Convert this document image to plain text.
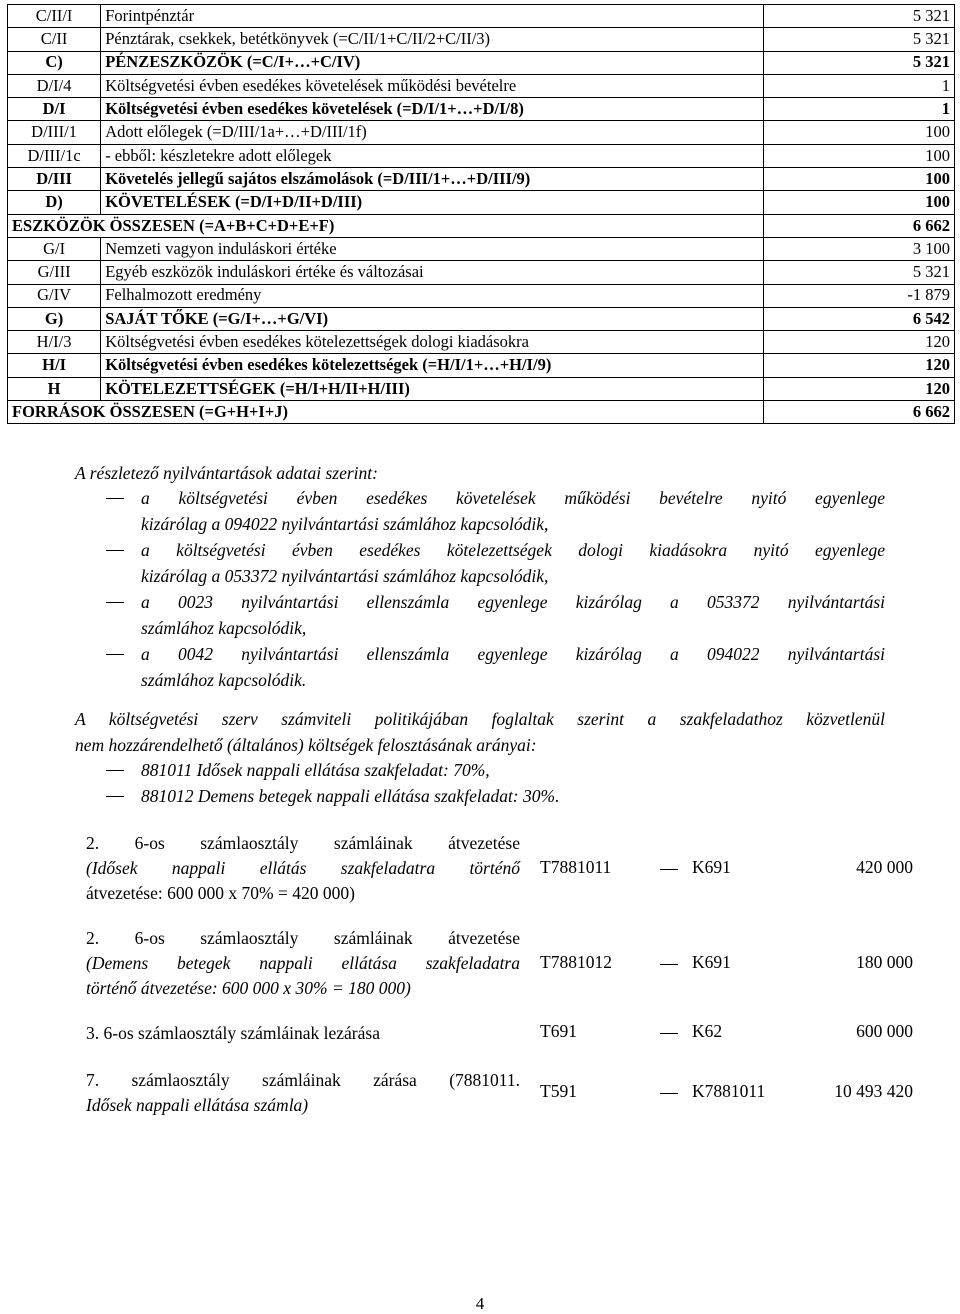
C/II/I	Forintpénztár	5 321
C/II	Pénztárak, csekkek, betétkönyvek (=C/II/1+C/II/2+C/II/3)	5 321
C)	PÉNZESZKÖZÖK (=C/I+…+C/IV)	5 321
D/I/4	Költségvetési évben esedékes követelések működési bevételre	1
D/I	Költségvetési évben esedékes követelések (=D/I/1+…+D/I/8)	1
D/III/1	Adott előlegek (=D/III/1a+…+D/III/1f)	100
D/III/1c	- ebből: készletekre adott előlegek	100
D/III	Követelés jellegű sajátos elszámolások (=D/III/1+…+D/III/9)	100
D)	KÖVETELÉSEK (=D/I+D/II+D/III)	100
ESZKÖZÖK ÖSSZESEN (=A+B+C+D+E+F)		6 662
G/I	Nemzeti vagyon induláskori értéke	3 100
G/III	Egyéb eszközök induláskori értéke és változásai	5 321
G/IV	Felhalmozott eredmény	-1 879
G)	SAJÁT TŐKE (=G/I+…+G/VI)	6 542
H/I/3	Költségvetési évben esedékes kötelezettségek dologi kiadásokra	120
H/I	Költségvetési évben esedékes kötelezettségek (=H/I/1+…+H/I/9)	120
H	KÖTELEZETTSÉGEK (=H/I+H/II+H/III)	120
FORRÁSOK ÖSSZESEN (=G+H+I+J)		6 662
A részletező nyilvántartások adatai szerint:
a költségvetési évben esedékes követelések működési bevételre nyitó egyenlege
kizárólag a 094022 nyilvántartási számlához kapcsolódik,
a költségvetési évben esedékes kötelezettségek dologi kiadásokra nyitó egyenlege
kizárólag a 053372 nyilvántartási számlához kapcsolódik,
a 0023 nyilvántartási ellenszámla egyenlege kizárólag a 053372 nyilvántartási
számlához kapcsolódik,
a 0042 nyilvántartási ellenszámla egyenlege kizárólag a 094022 nyilvántartási
számlához kapcsolódik.
A költségvetési szerv számviteli politikájában foglaltak szerint a szakfeladathoz közvetlenül
nem hozzárendelhető (általános) költségek felosztásának arányai:
881011 Idősek nappali ellátása szakfeladat: 70%,
881012 Demens betegek nappali ellátása szakfeladat: 30%.
2. 6-os számlaosztály számláinak átvezetése
(Idősek nappali ellátás szakfeladatra történő
átvezetése: 600 000 x 70% = 420 000)
T7881011	K691	420 000
2. 6-os számlaosztály számláinak átvezetése
(Demens betegek nappali ellátása szakfeladatra
történő átvezetése: 600 000 x 30% = 180 000)
T7881012	K691	180 000
3. 6-os számlaosztály számláinak lezárása	T691	K62	600 000
7. számlaosztály számláinak zárása (7881011.
Idősek nappali ellátása számla)
T591	K7881011	10 493 420
4
